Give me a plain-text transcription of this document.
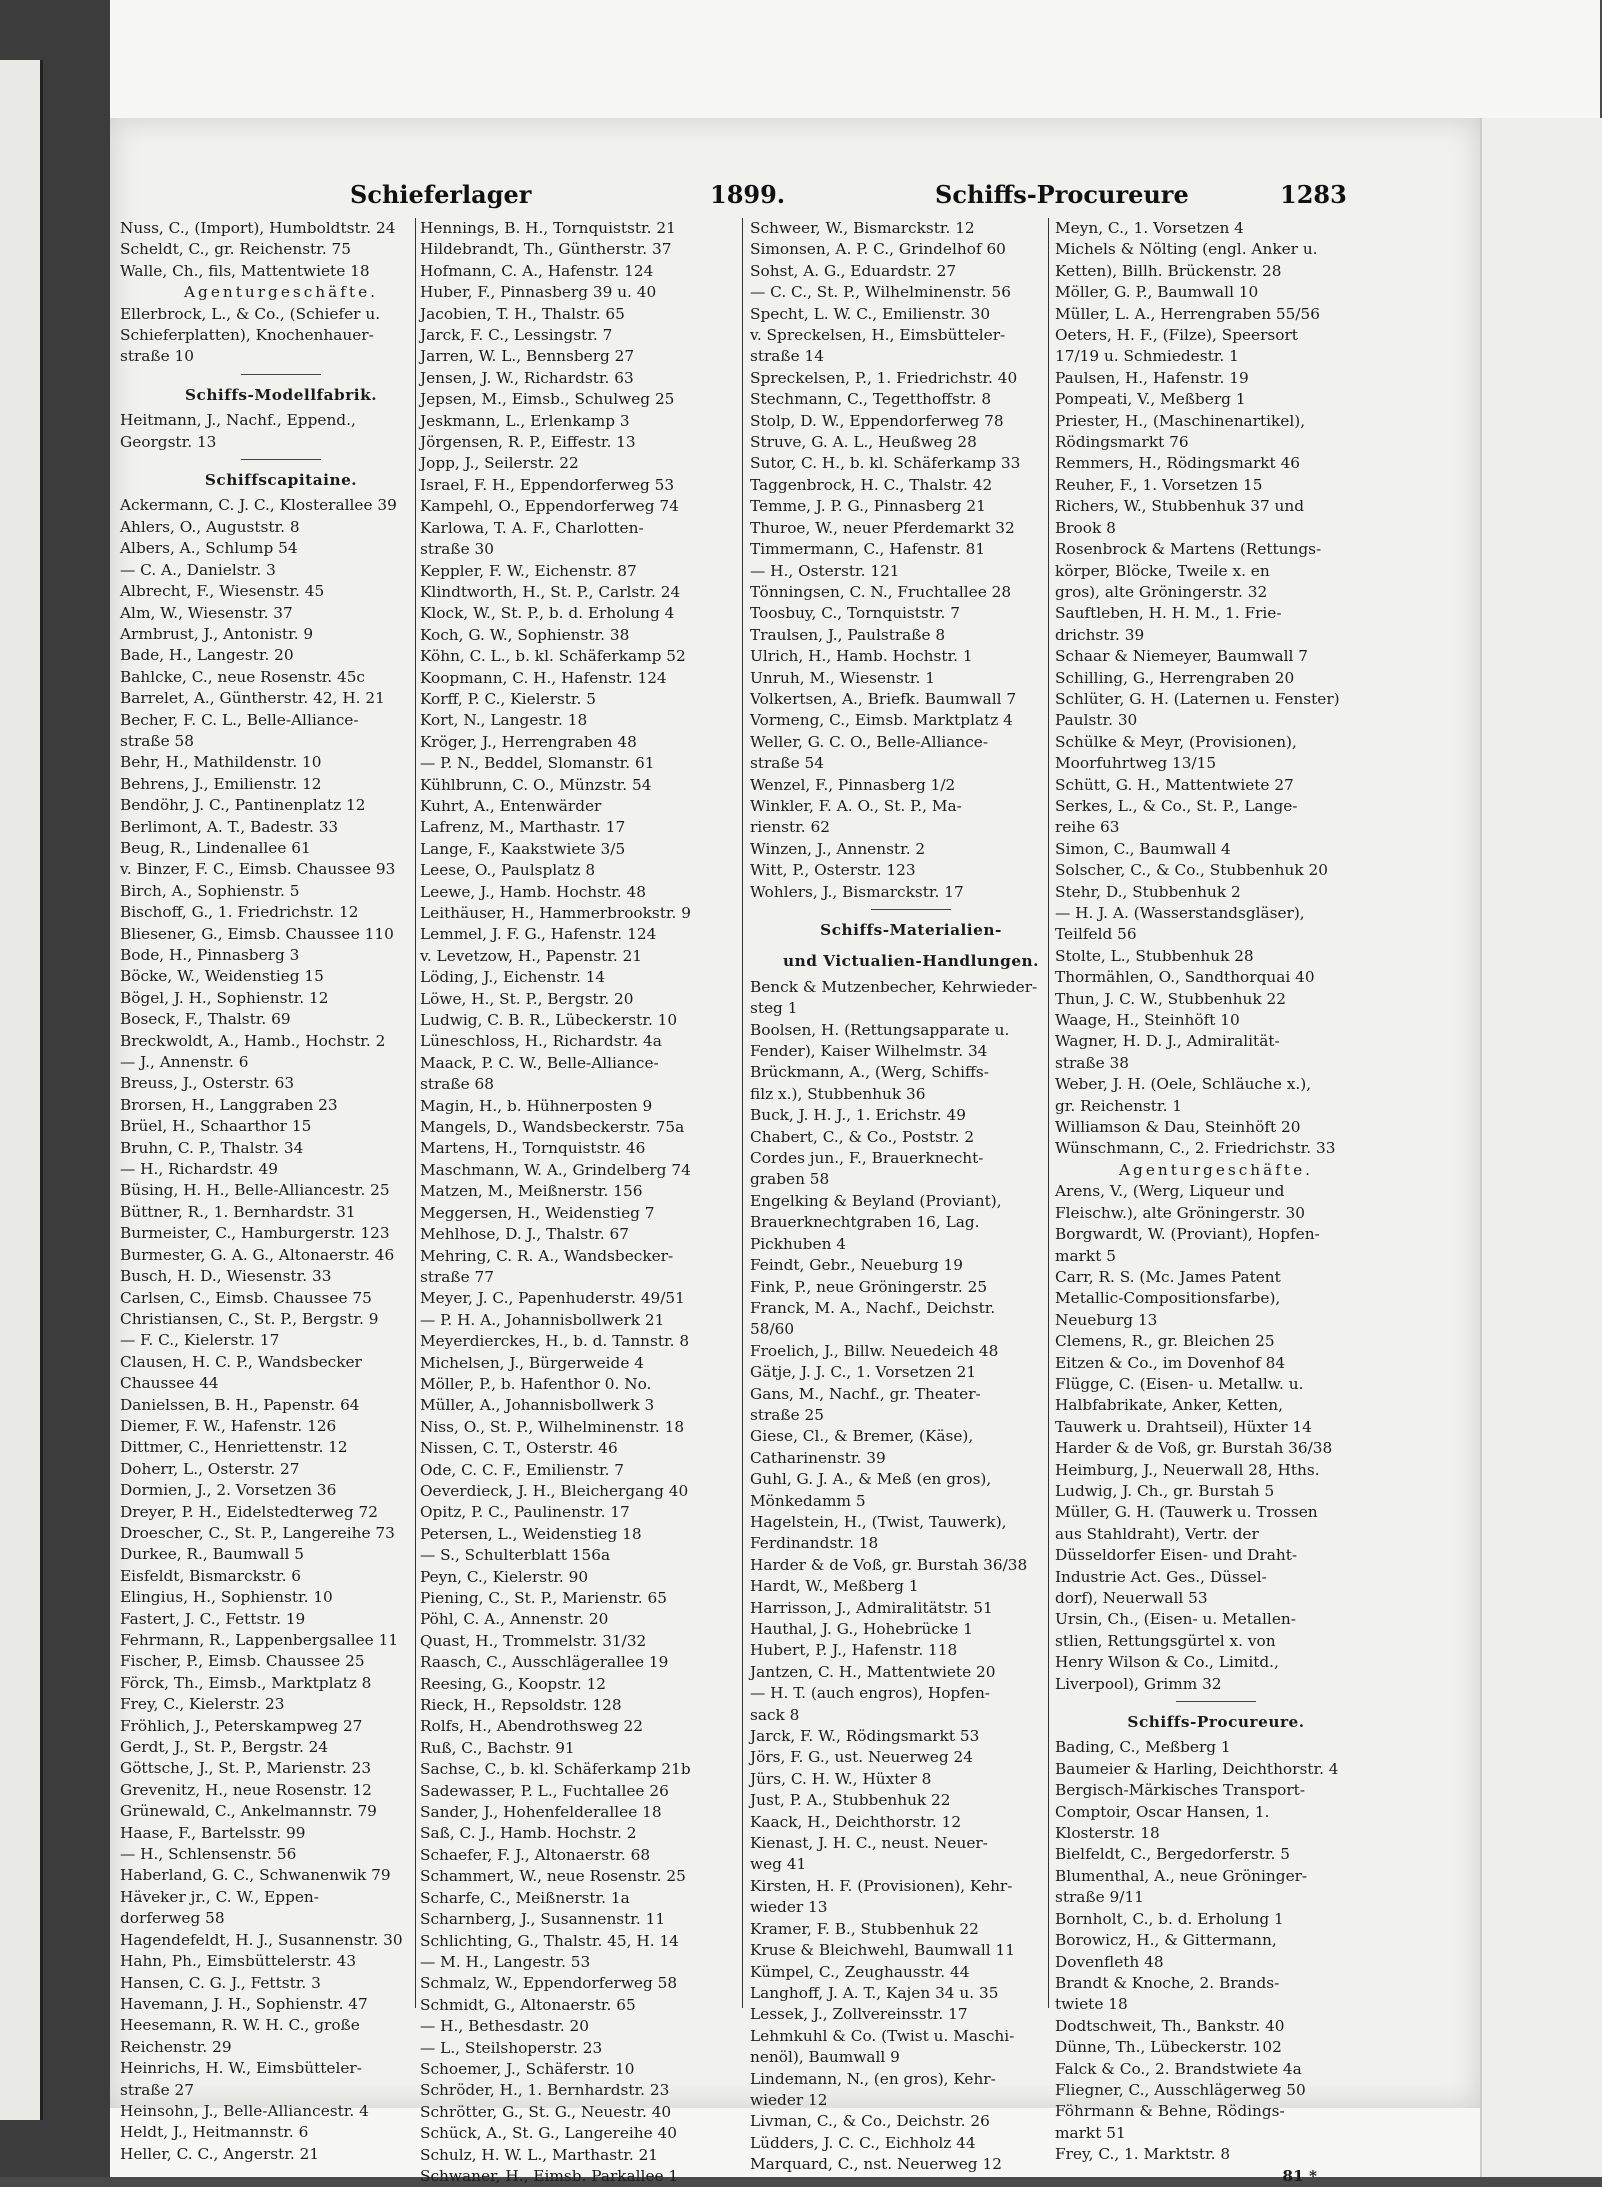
Schieferlager	1899.	Schiffs-Procureure	1283
Nuss, C., (Import), Humboldtstr. 24
Scheldt, C., gr. Reichenstr. 75
Walle, Ch., fils, Mattentwiete 18
Agenturgeschäfte.
Ellerbrock, L., & Co., (Schiefer u.
Schieferplatten), Knochenhauer-
straße 10
Schiffs-Modellfabrik.
Heitmann, J., Nachf., Eppend.,
Georgstr. 13
Schiffscapitaine.
Ackermann, C. J. C., Klosterallee 39
Ahlers, O., Auguststr. 8
Albers, A., Schlump 54
— C. A., Danielstr. 3
Albrecht, F., Wiesenstr. 45
Alm, W., Wiesenstr. 37
Armbrust, J., Antonistr. 9
Bade, H., Langestr. 20
Bahlcke, C., neue Rosenstr. 45c
Barrelet, A., Güntherstr. 42, H. 21
Becher, F. C. L., Belle-Alliance-
straße 58
Behr, H., Mathildenstr. 10
Behrens, J., Emilienstr. 12
Bendöhr, J. C., Pantinenplatz 12
Berlimont, A. T., Badestr. 33
Beug, R., Lindenallee 61
v. Binzer, F. C., Eimsb. Chaussee 93
Birch, A., Sophienstr. 5
Bischoff, G., 1. Friedrichstr. 12
Bliesener, G., Eimsb. Chaussee 110
Bode, H., Pinnasberg 3
Böcke, W., Weidenstieg 15
Bögel, J. H., Sophienstr. 12
Boseck, F., Thalstr. 69
Breckwoldt, A., Hamb., Hochstr. 2
— J., Annenstr. 6
Breuss, J., Osterstr. 63
Brorsen, H., Langgraben 23
Brüel, H., Schaarthor 15
Bruhn, C. P., Thalstr. 34
— H., Richardstr. 49
Büsing, H. H., Belle-Alliancestr. 25
Büttner, R., 1. Bernhardstr. 31
Burmeister, C., Hamburgerstr. 123
Burmester, G. A. G., Altonaerstr. 46
Busch, H. D., Wiesenstr. 33
Carlsen, C., Eimsb. Chaussee 75
Christiansen, C., St. P., Bergstr. 9
— F. C., Kielerstr. 17
Clausen, H. C. P., Wandsbecker
Chaussee 44
Danielssen, B. H., Papenstr. 64
Diemer, F. W., Hafenstr. 126
Dittmer, C., Henriettenstr. 12
Doherr, L., Osterstr. 27
Dormien, J., 2. Vorsetzen 36
Dreyer, P. H., Eidelstedterweg 72
Droescher, C., St. P., Langereihe 73
Durkee, R., Baumwall 5
Eisfeldt, Bismarckstr. 6
Elingius, H., Sophienstr. 10
Fastert, J. C., Fettstr. 19
Fehrmann, R., Lappenbergsallee 11
Fischer, P., Eimsb. Chaussee 25
Förck, Th., Eimsb., Marktplatz 8
Frey, C., Kielerstr. 23
Fröhlich, J., Peterskampweg 27
Gerdt, J., St. P., Bergstr. 24
Göttsche, J., St. P., Marienstr. 23
Grevenitz, H., neue Rosenstr. 12
Grünewald, C., Ankelmannstr. 79
Haase, F., Bartelsstr. 99
— H., Schlensenstr. 56
Haberland, G. C., Schwanenwik 79
Häveker jr., C. W., Eppen-
dorferweg 58
Hagendefeldt, H. J., Susannenstr. 30
Hahn, Ph., Eimsbüttelerstr. 43
Hansen, C. G. J., Fettstr. 3
Havemann, J. H., Sophienstr. 47
Heesemann, R. W. H. C., große
Reichenstr. 29
Heinrichs, H. W., Eimsbütteler-
straße 27
Heinsohn, J., Belle-Alliancestr. 4
Heldt, J., Heitmannstr. 6
Heller, C. C., Angerstr. 21
Hennings, B. H., Tornquiststr. 21
Hildebrandt, Th., Güntherstr. 37
Hofmann, C. A., Hafenstr. 124
Huber, F., Pinnasberg 39 u. 40
Jacobien, T. H., Thalstr. 65
Jarck, F. C., Lessingstr. 7
Jarren, W. L., Bennsberg 27
Jensen, J. W., Richardstr. 63
Jepsen, M., Eimsb., Schulweg 25
Jeskmann, L., Erlenkamp 3
Jörgensen, R. P., Eiffestr. 13
Jopp, J., Seilerstr. 22
Israel, F. H., Eppendorferweg 53
Kampehl, O., Eppendorferweg 74
Karlowa, T. A. F., Charlotten-
straße 30
Keppler, F. W., Eichenstr. 87
Klindtworth, H., St. P., Carlstr. 24
Klock, W., St. P., b. d. Erholung 4
Koch, G. W., Sophienstr. 38
Köhn, C. L., b. kl. Schäferkamp 52
Koopmann, C. H., Hafenstr. 124
Korff, P. C., Kielerstr. 5
Kort, N., Langestr. 18
Kröger, J., Herrengraben 48
— P. N., Beddel, Slomanstr. 61
Kühlbrunn, C. O., Münzstr. 54
Kuhrt, A., Entenwärder
Lafrenz, M., Marthastr. 17
Lange, F., Kaakstwiete 3/5
Leese, O., Paulsplatz 8
Leewe, J., Hamb. Hochstr. 48
Leithäuser, H., Hammerbrookstr. 9
Lemmel, J. F. G., Hafenstr. 124
v. Levetzow, H., Papenstr. 21
Löding, J., Eichenstr. 14
Löwe, H., St. P., Bergstr. 20
Ludwig, C. B. R., Lübeckerstr. 10
Lüneschloss, H., Richardstr. 4a
Maack, P. C. W., Belle-Alliance-
straße 68
Magin, H., b. Hühnerposten 9
Mangels, D., Wandsbeckerstr. 75a
Martens, H., Tornquiststr. 46
Maschmann, W. A., Grindelberg 74
Matzen, M., Meißnerstr. 156
Meggersen, H., Weidenstieg 7
Mehlhose, D. J., Thalstr. 67
Mehring, C. R. A., Wandsbecker-
straße 77
Meyer, J. C., Papenhuderstr. 49/51
— P. H. A., Johannisbollwerk 21
Meyerdierckes, H., b. d. Tannstr. 8
Michelsen, J., Bürgerweide 4
Möller, P., b. Hafenthor 0. No.
Müller, A., Johannisbollwerk 3
Niss, O., St. P., Wilhelminenstr. 18
Nissen, C. T., Osterstr. 46
Ode, C. C. F., Emilienstr. 7
Oeverdieck, J. H., Bleichergang 40
Opitz, P. C., Paulinenstr. 17
Petersen, L., Weidenstieg 18
— S., Schulterblatt 156a
Peyn, C., Kielerstr. 90
Piening, C., St. P., Marienstr. 65
Pöhl, C. A., Annenstr. 20
Quast, H., Trommelstr. 31/32
Raasch, C., Ausschlägerallee 19
Reesing, G., Koopstr. 12
Rieck, H., Repsoldstr. 128
Rolfs, H., Abendrothsweg 22
Ruß, C., Bachstr. 91
Sachse, C., b. kl. Schäferkamp 21b
Sadewasser, P. L., Fuchtallee 26
Sander, J., Hohenfelderallee 18
Saß, C. J., Hamb. Hochstr. 2
Schaefer, F. J., Altonaerstr. 68
Schammert, W., neue Rosenstr. 25
Scharfe, C., Meißnerstr. 1a
Scharnberg, J., Susannenstr. 11
Schlichting, G., Thalstr. 45, H. 14
— M. H., Langestr. 53
Schmalz, W., Eppendorferweg 58
Schmidt, G., Altonaerstr. 65
— H., Bethesdastr. 20
— L., Steilshoperstr. 23
Schoemer, J., Schäferstr. 10
Schröder, H., 1. Bernhardstr. 23
Schrötter, G., St. G., Neuestr. 40
Schück, A., St. G., Langereihe 40
Schulz, H. W. L., Marthastr. 21
Schwaner, H., Eimsb. Parkallee 1
Schweer, W., Bismarckstr. 12
Simonsen, A. P. C., Grindelhof 60
Sohst, A. G., Eduardstr. 27
— C. C., St. P., Wilhelminenstr. 56
Specht, L. W. C., Emilienstr. 30
v. Spreckelsen, H., Eimsbütteler-
straße 14
Spreckelsen, P., 1. Friedrichstr. 40
Stechmann, C., Tegetthoffstr. 8
Stolp, D. W., Eppendorferweg 78
Struve, G. A. L., Heußweg 28
Sutor, C. H., b. kl. Schäferkamp 33
Taggenbrock, H. C., Thalstr. 42
Temme, J. P. G., Pinnasberg 21
Thuroe, W., neuer Pferdemarkt 32
Timmermann, C., Hafenstr. 81
— H., Osterstr. 121
Tönningsen, C. N., Fruchtallee 28
Toosbuy, C., Tornquiststr. 7
Traulsen, J., Paulstraße 8
Ulrich, H., Hamb. Hochstr. 1
Unruh, M., Wiesenstr. 1
Volkertsen, A., Briefk. Baumwall 7
Vormeng, C., Eimsb. Marktplatz 4
Weller, G. C. O., Belle-Alliance-
straße 54
Wenzel, F., Pinnasberg 1/2
Winkler, F. A. O., St. P., Ma-
rienstr. 62
Winzen, J., Annenstr. 2
Witt, P., Osterstr. 123
Wohlers, J., Bismarckstr. 17
Schiffs-Materialien-
und Victualien-Handlungen.
Benck & Mutzenbecher, Kehrwieder-
steg 1
Boolsen, H. (Rettungsapparate u.
Fender), Kaiser Wilhelmstr. 34
Brückmann, A., (Werg, Schiffs-
filz x.), Stubbenhuk 36
Buck, J. H. J., 1. Erichstr. 49
Chabert, C., & Co., Poststr. 2
Cordes jun., F., Brauerknecht-
graben 58
Engelking & Beyland (Proviant),
Brauerknechtgraben 16, Lag.
Pickhuben 4
Feindt, Gebr., Neueburg 19
Fink, P., neue Gröningerstr. 25
Franck, M. A., Nachf., Deichstr.
58/60
Froelich, J., Billw. Neuedeich 48
Gätje, J. J. C., 1. Vorsetzen 21
Gans, M., Nachf., gr. Theater-
straße 25
Giese, Cl., & Bremer, (Käse),
Catharinenstr. 39
Guhl, G. J. A., & Meß (en gros),
Mönkedamm 5
Hagelstein, H., (Twist, Tauwerk),
Ferdinandstr. 18
Harder & de Voß, gr. Burstah 36/38
Hardt, W., Meßberg 1
Harrisson, J., Admiralitätstr. 51
Hauthal, J. G., Hohebrücke 1
Hubert, P. J., Hafenstr. 118
Jantzen, C. H., Mattentwiete 20
— H. T. (auch engros), Hopfen-
sack 8
Jarck, F. W., Rödingsmarkt 53
Jörs, F. G., ust. Neuerweg 24
Jürs, C. H. W., Hüxter 8
Just, P. A., Stubbenhuk 22
Kaack, H., Deichthorstr. 12
Kienast, J. H. C., neust. Neuer-
weg 41
Kirsten, H. F. (Provisionen), Kehr-
wieder 13
Kramer, F. B., Stubbenhuk 22
Kruse & Bleichwehl, Baumwall 11
Kümpel, C., Zeughausstr. 44
Langhoff, J. A. T., Kajen 34 u. 35
Lessek, J., Zollvereinsstr. 17
Lehmkuhl & Co. (Twist u. Maschi-
nenöl), Baumwall 9
Lindemann, N., (en gros), Kehr-
wieder 12
Livman, C., & Co., Deichstr. 26
Lüdders, J. C. C., Eichholz 44
Marquard, C., nst. Neuerweg 12
Meyn, C., 1. Vorsetzen 4
Michels & Nölting (engl. Anker u.
Ketten), Billh. Brückenstr. 28
Möller, G. P., Baumwall 10
Müller, L. A., Herrengraben 55/56
Oeters, H. F., (Filze), Speersort
17/19 u. Schmiedestr. 1
Paulsen, H., Hafenstr. 19
Pompeati, V., Meßberg 1
Priester, H., (Maschinenartikel),
Rödingsmarkt 76
Remmers, H., Rödingsmarkt 46
Reuher, F., 1. Vorsetzen 15
Richers, W., Stubbenhuk 37 und
Brook 8
Rosenbrock & Martens (Rettungs-
körper, Blöcke, Tweile x. en
gros), alte Gröningerstr. 32
Sauftleben, H. H. M., 1. Frie-
drichstr. 39
Schaar & Niemeyer, Baumwall 7
Schilling, G., Herrengraben 20
Schlüter, G. H. (Laternen u. Fenster)
Paulstr. 30
Schülke & Meyr, (Provisionen),
Moorfuhrtweg 13/15
Schütt, G. H., Mattentwiete 27
Serkes, L., & Co., St. P., Lange-
reihe 63
Simon, C., Baumwall 4
Solscher, C., & Co., Stubbenhuk 20
Stehr, D., Stubbenhuk 2
— H. J. A. (Wasserstandsgläser),
Teilfeld 56
Stolte, L., Stubbenhuk 28
Thormählen, O., Sandthorquai 40
Thun, J. C. W., Stubbenhuk 22
Waage, H., Steinhöft 10
Wagner, H. D. J., Admiralität-
straße 38
Weber, J. H. (Oele, Schläuche x.),
gr. Reichenstr. 1
Williamson & Dau, Steinhöft 20
Wünschmann, C., 2. Friedrichstr. 33
Agenturgeschäfte.
Arens, V., (Werg, Liqueur und
Fleischw.), alte Gröningerstr. 30
Borgwardt, W. (Proviant), Hopfen-
markt 5
Carr, R. S. (Mc. James Patent
Metallic-Compositionsfarbe),
Neueburg 13
Clemens, R., gr. Bleichen 25
Eitzen & Co., im Dovenhof 84
Flügge, C. (Eisen- u. Metallw. u.
Halbfabrikate, Anker, Ketten,
Tauwerk u. Drahtseil), Hüxter 14
Harder & de Voß, gr. Burstah 36/38
Heimburg, J., Neuerwall 28, Hths.
Ludwig, J. Ch., gr. Burstah 5
Müller, G. H. (Tauwerk u. Trossen
aus Stahldraht), Vertr. der
Düsseldorfer Eisen- und Draht-
Industrie Act. Ges., Düssel-
dorf), Neuerwall 53
Ursin, Ch., (Eisen- u. Metallen-
stlien, Rettungsgürtel x. von
Henry Wilson & Co., Limitd.,
Liverpool), Grimm 32
Schiffs-Procureure.
Bading, C., Meßberg 1
Baumeier & Harling, Deichthorstr. 4
Bergisch-Märkisches Transport-
Comptoir, Oscar Hansen, 1.
Klosterstr. 18
Bielfeldt, C., Bergedorferstr. 5
Blumenthal, A., neue Gröninger-
straße 9/11
Bornholt, C., b. d. Erholung 1
Borowicz, H., & Gittermann,
Dovenfleth 48
Brandt & Knoche, 2. Brands-
twiete 18
Dodtschweit, Th., Bankstr. 40
Dünne, Th., Lübeckerstr. 102
Falck & Co., 2. Brandstwiete 4a
Fliegner, C., Ausschlägerweg 50
Föhrmann & Behne, Rödings-
markt 51
Frey, C., 1. Marktstr. 8
81 *
